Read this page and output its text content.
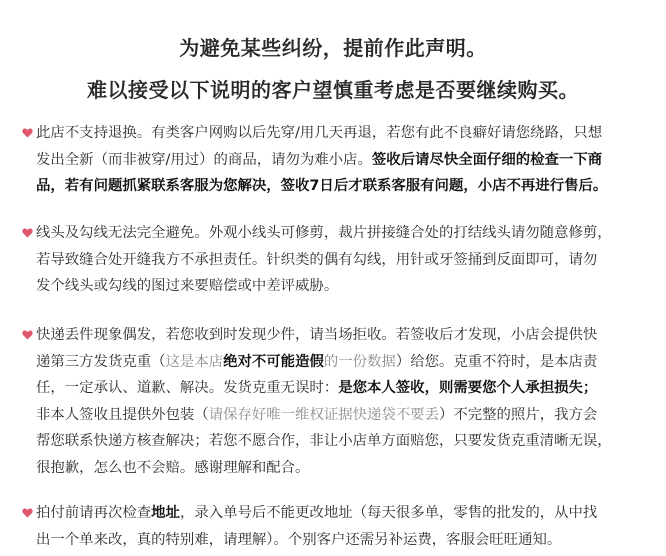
为避免某些纠纷，提前作此声明。
难以接受以下说明的客户望慎重考虑是否要继续购买。
此店不支持退换。有类客户网购以后先穿/用几天再退，若您有此不良癖好请您绕路，只想
发出全新（而非被穿/用过）的商品，请勿为难小店。签收后请尽快全面仔细的检查一下商
品，若有问题抓紧联系客服为您解决，签收7日后才联系客服有问题，小店不再进行售后。
线头及勾线无法完全避免。外观小线头可修剪，裁片拼接缝合处的打结线头请勿随意修剪，
若导致缝合处开缝我方不承担责任。针织类的偶有勾线，用针或牙签捅到反面即可，请勿
发个线头或勾线的图过来要赔偿或中差评威胁。
快递丢件现象偶发，若您收到时发现少件，请当场拒收。若签收后才发现，小店会提供快
递第三方发货克重（这是本店绝对不可能造假的一份数据）给您。克重不符时，是本店责
任，一定承认、道歉、解决。发货克重无误时：是您本人签收，则需要您个人承担损失；
非本人签收且提供外包装（请保存好唯一维权证据快递袋不要丢）不完整的照片，我方会
帮您联系快递方核查解决；若您不愿合作，非让小店单方面赔您，只要发货克重清晰无误，
很抱歉，怎么也不会赔。感谢理解和配合。
拍付前请再次检查地址，录入单号后不能更改地址（每天很多单，零售的批发的，从中找
出一个单来改，真的特别难，请理解）。个别客户还需另补运费，客服会旺旺通知。
